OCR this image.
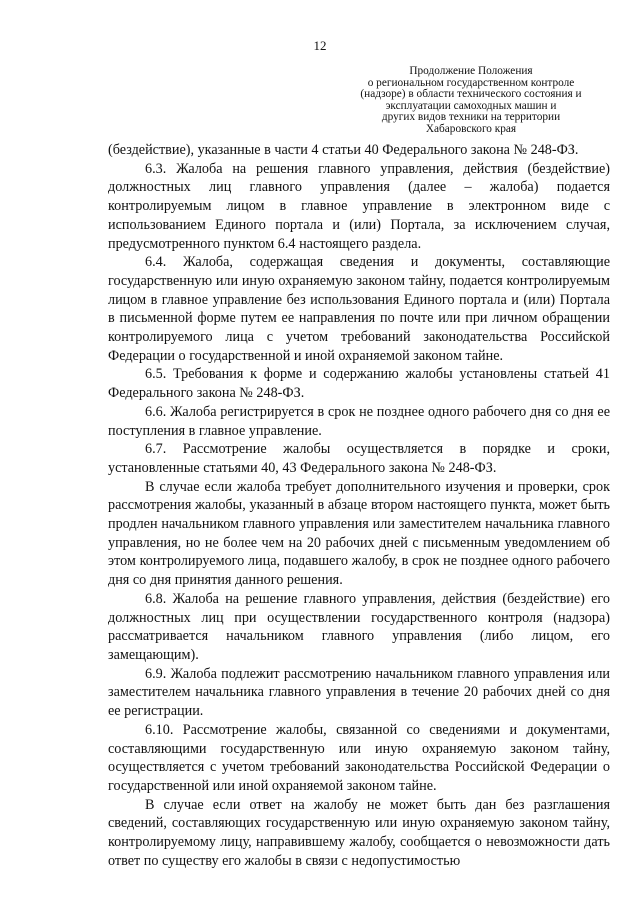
12
Продолжение Положения
о региональном государственном контроле
(надзоре) в области технического состояния и
эксплуатации самоходных машин и
других видов техники на территории
Хабаровского края

(бездействие), указанные в части 4 статьи 40 Федерального закона № 248-ФЗ.

6.3. Жалоба на решения главного управления, действия (бездействие) должностных лиц главного управления (далее – жалоба) подается контролируемым лицом в главное управление в электронном виде с использованием Единого портала и (или) Портала, за исключением случая, предусмотренного пунктом 6.4 настоящего раздела.

6.4. Жалоба, содержащая сведения и документы, составляющие государственную или иную охраняемую законом тайну, подается контролируемым лицом в главное управление без использования Единого портала и (или) Портала в письменной форме путем ее направления по почте или при личном обращении контролируемого лица с учетом требований законодательства Российской Федерации о государственной и иной охраняемой законом тайне.

6.5. Требования к форме и содержанию жалобы установлены статьей 41 Федерального закона № 248-ФЗ.

6.6. Жалоба регистрируется в срок не позднее одного рабочего дня со дня ее поступления в главное управление.

6.7. Рассмотрение жалобы осуществляется в порядке и сроки, установленные статьями 40, 43 Федерального закона № 248-ФЗ.

В случае если жалоба требует дополнительного изучения и проверки, срок рассмотрения жалобы, указанный в абзаце втором настоящего пункта, может быть продлен начальником главного управления или заместителем начальника главного управления, но не более чем на 20 рабочих дней с письменным уведомлением об этом контролируемого лица, подавшего жалобу, в срок не позднее одного рабочего дня со дня принятия данного решения.

6.8. Жалоба на решение главного управления, действия (бездействие) его должностных лиц при осуществлении государственного контроля (надзора) рассматривается начальником главного управления (либо лицом, его замещающим).

6.9. Жалоба подлежит рассмотрению начальником главного управления или заместителем начальника главного управления в течение 20 рабочих дней со дня ее регистрации.

6.10. Рассмотрение жалобы, связанной со сведениями и документами, составляющими государственную или иную охраняемую законом тайну, осуществляется с учетом требований законодательства Российской Федерации о государственной или иной охраняемой законом тайне.

В случае если ответ на жалобу не может быть дан без разглашения сведений, составляющих государственную или иную охраняемую законом тайну, контролируемому лицу, направившему жалобу, сообщается о невозможности дать ответ по существу его жалобы в связи с недопустимостью
